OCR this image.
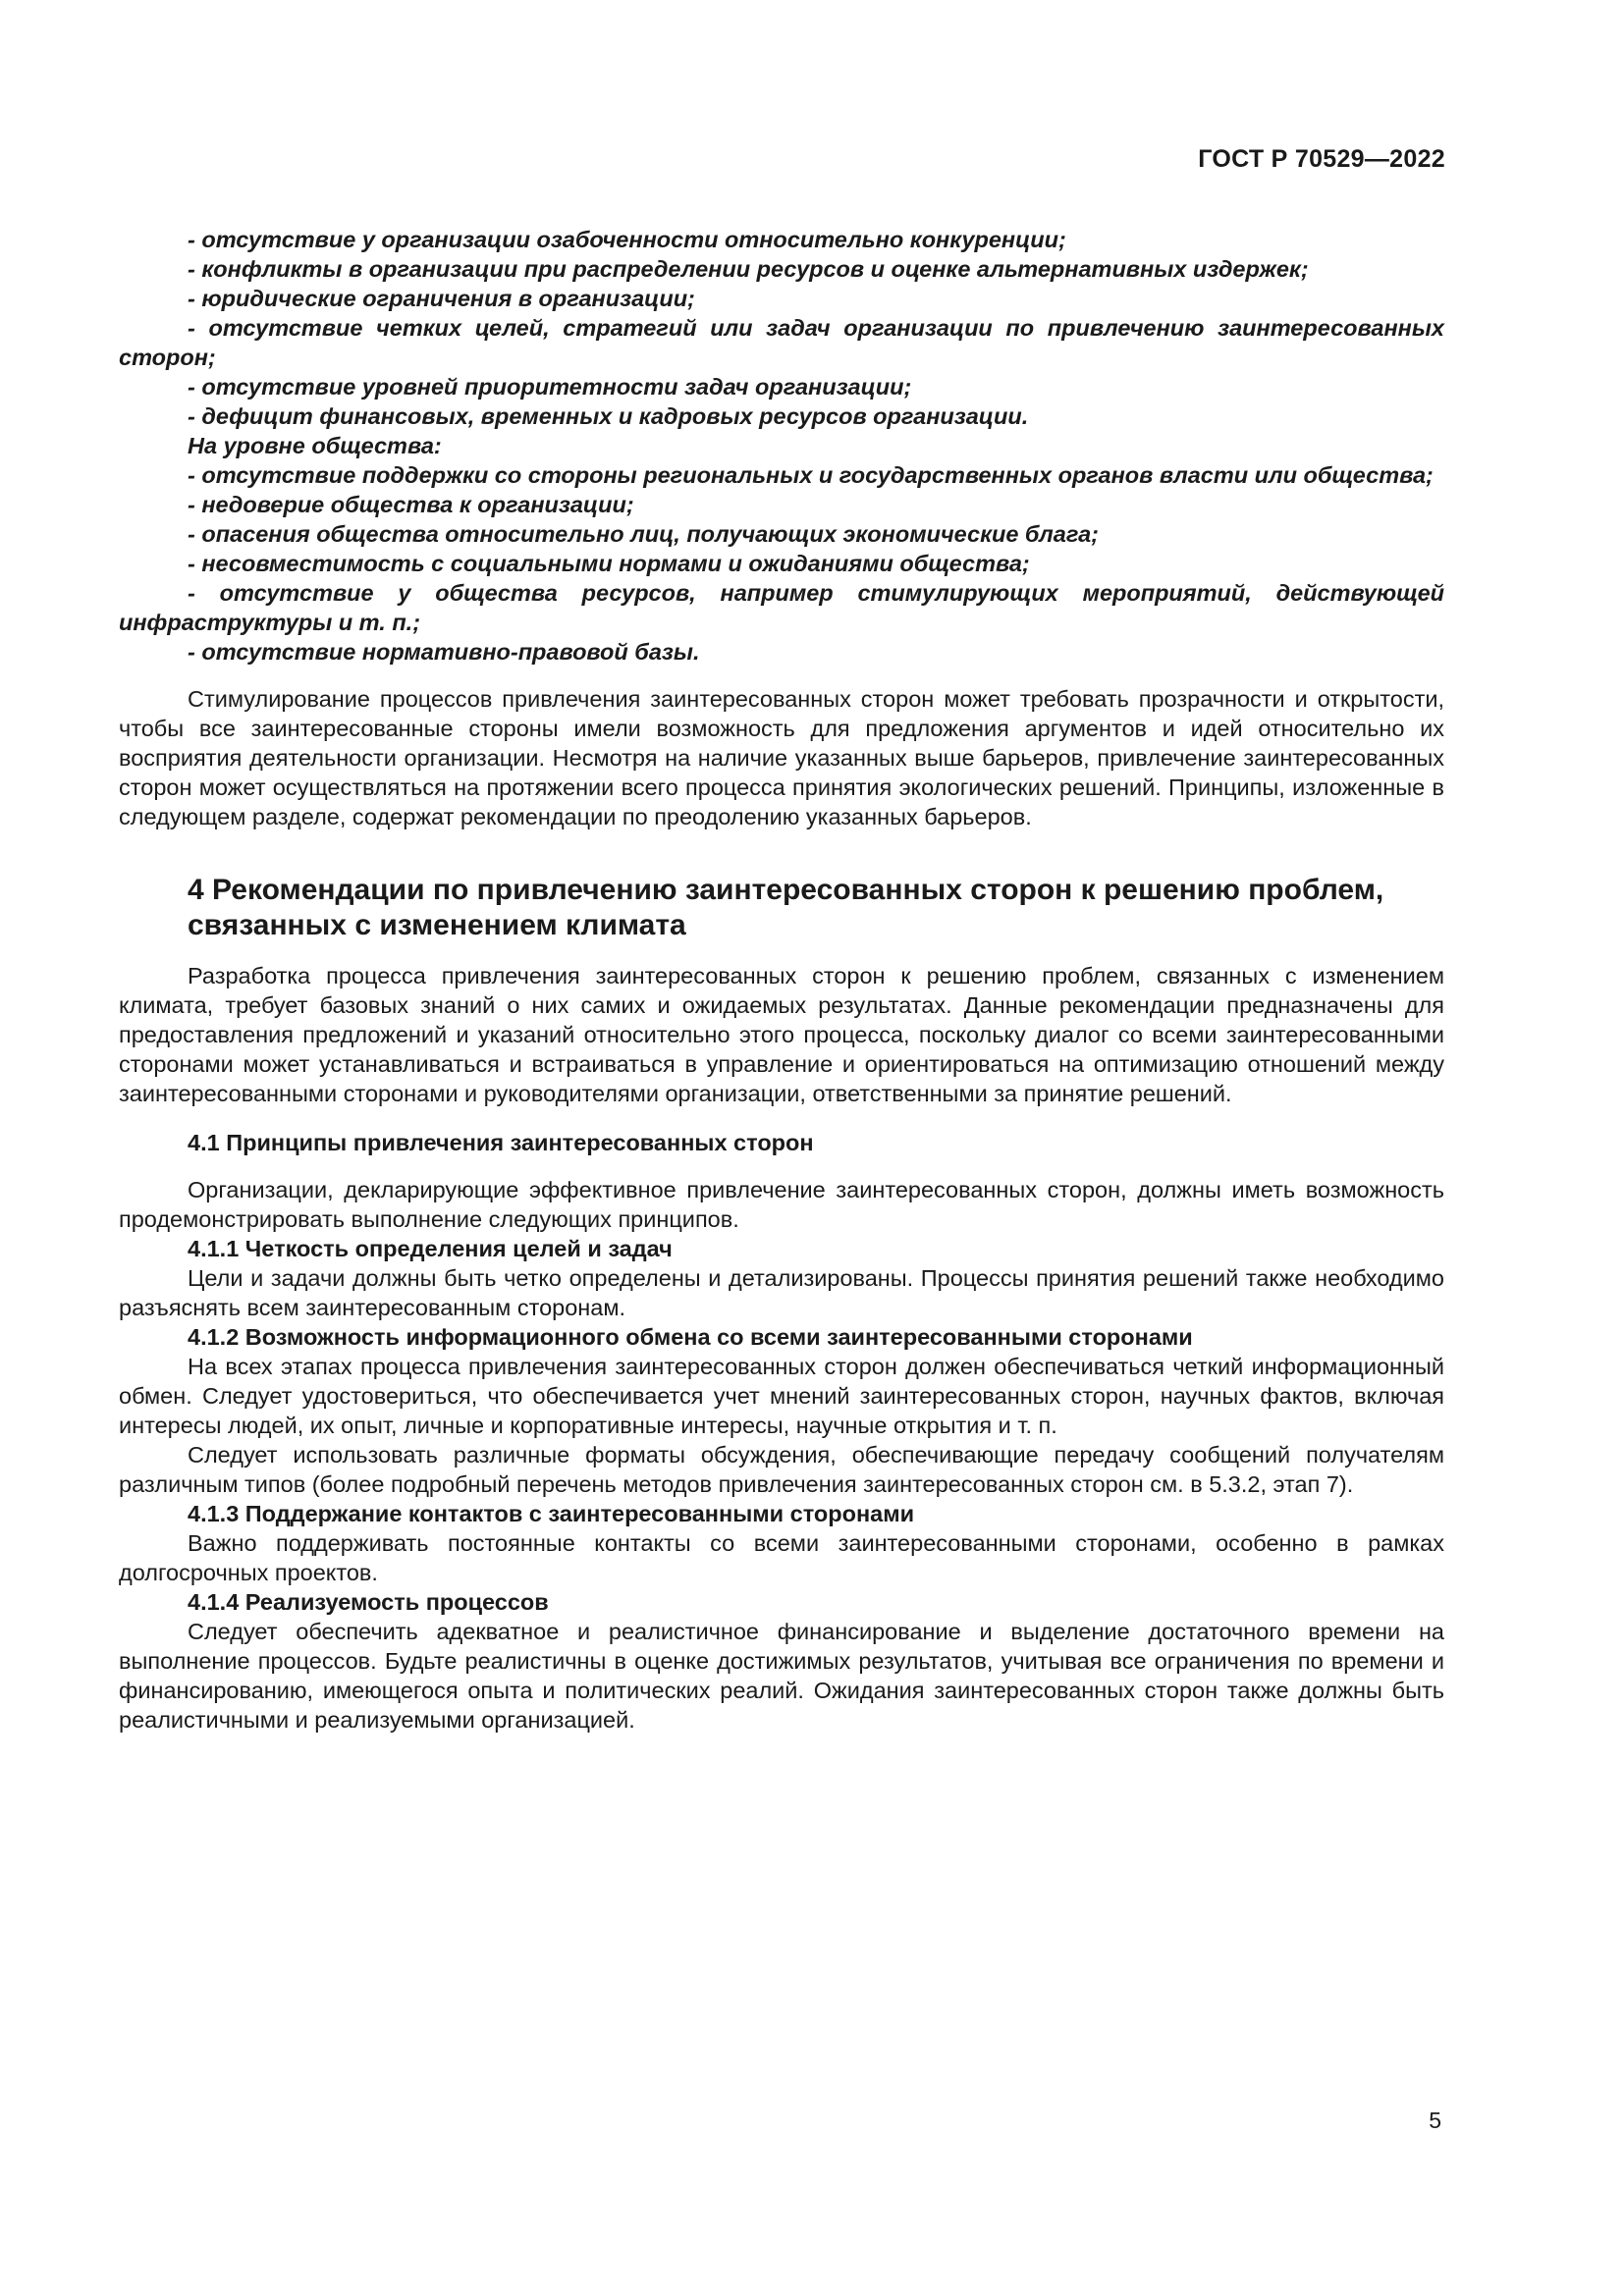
ГОСТ Р 70529—2022

- отсутствие у организации озабоченности относительно конкуренции;

- конфликты в организации при распределении ресурсов и оценке альтернативных издержек;

- юридические ограничения в организации;

- отсутствие четких целей, стратегий или задач организации по привлечению заинтересованных сторон;

- отсутствие уровней приоритетности задач организации;

- дефицит финансовых, временных и кадровых ресурсов организации.

На уровне общества:

- отсутствие поддержки со стороны региональных и государственных органов власти или общества;

- недоверие общества к организации;

- опасения общества относительно лиц, получающих экономические блага;

- несовместимость с социальными нормами и ожиданиями общества;

- отсутствие у общества ресурсов, например стимулирующих мероприятий, действующей инфраструктуры и т. п.;

- отсутствие нормативно-правовой базы.

Стимулирование процессов привлечения заинтересованных сторон может требовать прозрачности и открытости, чтобы все заинтересованные стороны имели возможность для предложения аргументов и идей относительно их восприятия деятельности организации. Несмотря на наличие указанных выше барьеров, привлечение заинтересованных сторон может осуществляться на протяжении всего процесса принятия экологических решений. Принципы, изложенные в следующем разделе, содержат рекомендации по преодолению указанных барьеров.

4 Рекомендации по привлечению заинтересованных сторон к решению проблем, связанных с изменением климата

Разработка процесса привлечения заинтересованных сторон к решению проблем, связанных с изменением климата, требует базовых знаний о них самих и ожидаемых результатах. Данные рекомендации предназначены для предоставления предложений и указаний относительно этого процесса, поскольку диалог со всеми заинтересованными сторонами может устанавливаться и встраиваться в управление и ориентироваться на оптимизацию отношений между заинтересованными сторонами и руководителями организации, ответственными за принятие решений.

4.1 Принципы привлечения заинтересованных сторон

Организации, декларирующие эффективное привлечение заинтересованных сторон, должны иметь возможность продемонстрировать выполнение следующих принципов.

4.1.1 Четкость определения целей и задач

Цели и задачи должны быть четко определены и детализированы. Процессы принятия решений также необходимо разъяснять всем заинтересованным сторонам.

4.1.2 Возможность информационного обмена со всеми заинтересованными сторонами

На всех этапах процесса привлечения заинтересованных сторон должен обеспечиваться четкий информационный обмен. Следует удостовериться, что обеспечивается учет мнений заинтересованных сторон, научных фактов, включая интересы людей, их опыт, личные и корпоративные интересы, научные открытия и т. п.

Следует использовать различные форматы обсуждения, обеспечивающие передачу сообщений получателям различным типов (более подробный перечень методов привлечения заинтересованных сторон см. в 5.3.2, этап 7).

4.1.3 Поддержание контактов с заинтересованными сторонами

Важно поддерживать постоянные контакты со всеми заинтересованными сторонами, особенно в рамках долгосрочных проектов.

4.1.4 Реализуемость процессов

Следует обеспечить адекватное и реалистичное финансирование и выделение достаточного времени на выполнение процессов. Будьте реалистичны в оценке достижимых результатов, учитывая все ограничения по времени и финансированию, имеющегося опыта и политических реалий. Ожидания заинтересованных сторон также должны быть реалистичными и реализуемыми организацией.

5
